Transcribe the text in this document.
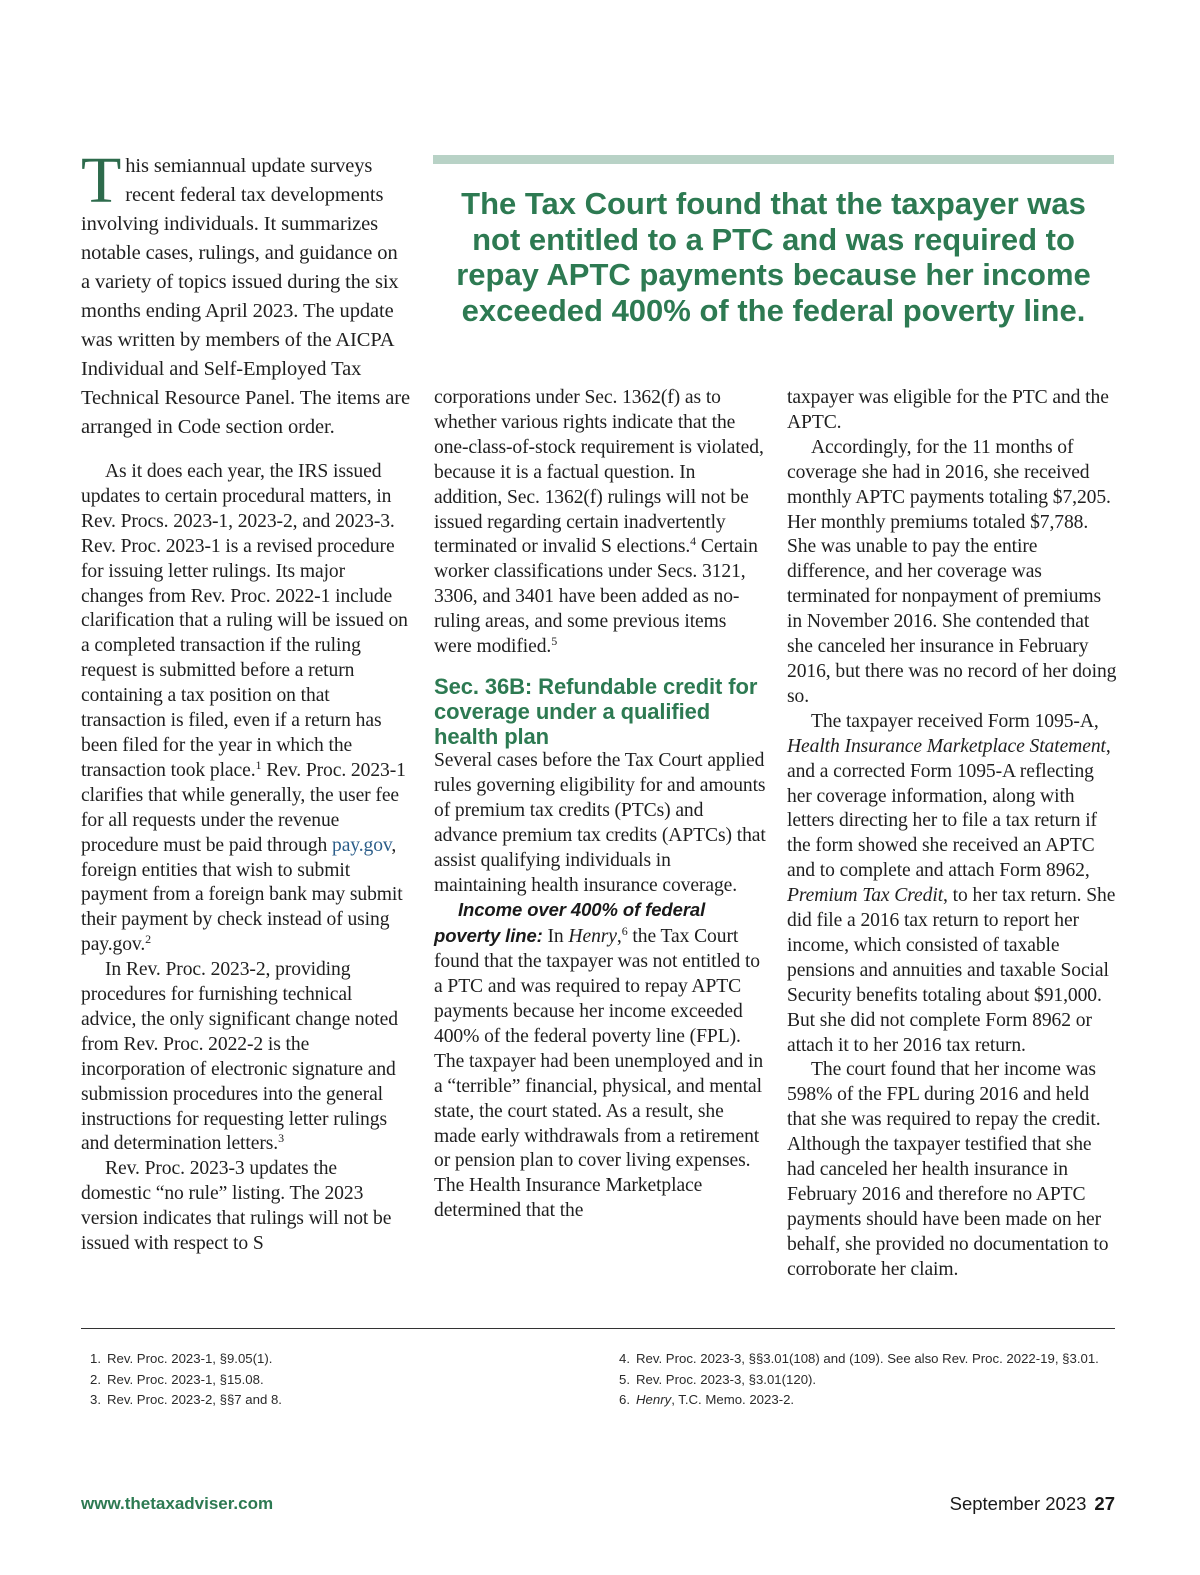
This semiannual update surveys recent federal tax developments involving individuals. It summarizes notable cases, rulings, and guidance on a variety of topics issued during the six months ending April 2023. The update was written by members of the AICPA Individual and Self-Employed Tax Technical Resource Panel. The items are arranged in Code section order.

As it does each year, the IRS issued updates to certain procedural matters, in Rev. Procs. 2023-1, 2023-2, and 2023-3. Rev. Proc. 2023-1 is a revised procedure for issuing letter rulings. Its major changes from Rev. Proc. 2022-1 include clarification that a ruling will be issued on a completed transaction if the ruling request is submitted before a return containing a tax position on that transaction is filed, even if a return has been filed for the year in which the transaction took place.$^1$ Rev. Proc. 2023-1 clarifies that while generally, the user fee for all requests under the revenue procedure must be paid through pay.gov, foreign entities that wish to submit payment from a foreign bank may submit their payment by check instead of using pay.gov.$^2$

In Rev. Proc. 2023-2, providing procedures for furnishing technical advice, the only significant change noted from Rev. Proc. 2022-2 is the incorporation of electronic signature and submission procedures into the general instructions for requesting letter rulings and determination letters.$^3$

Rev. Proc. 2023-3 updates the domestic “no rule” listing. The 2023 version indicates that rulings will not be issued with respect to S

The Tax Court found that the taxpayer was not entitled to a PTC and was required to repay APTC payments because her income exceeded 400% of the federal poverty line.

corporations under Sec. 1362(f) as to whether various rights indicate that the one-class-of-stock requirement is violated, because it is a factual question. In addition, Sec. 1362(f) rulings will not be issued regarding certain inadvertently terminated or invalid S elections.$^4$ Certain worker classifications under Secs. 3121, 3306, and 3401 have been added as no-ruling areas, and some previous items were modified.$^5$

Sec. 36B: Refundable credit for coverage under a qualified health plan

Several cases before the Tax Court applied rules governing eligibility for and amounts of premium tax credits (PTCs) and advance premium tax credits (APTCs) that assist qualifying individuals in maintaining health insurance coverage.

Income over 400% of federal poverty line: In Henry,$^6$ the Tax Court found that the taxpayer was not entitled to a PTC and was required to repay APTC payments because her income exceeded 400% of the federal poverty line (FPL). The taxpayer had been unemployed and in a “terrible” financial, physical, and mental state, the court stated. As a result, she made early withdrawals from a retirement or pension plan to cover living expenses. The Health Insurance Marketplace determined that the

taxpayer was eligible for the PTC and the APTC.

Accordingly, for the 11 months of coverage she had in 2016, she received monthly APTC payments totaling $7,205. Her monthly premiums totaled $7,788. She was unable to pay the entire difference, and her coverage was terminated for nonpayment of premiums in November 2016. She contended that she canceled her insurance in February 2016, but there was no record of her doing so.

The taxpayer received Form 1095-A, Health Insurance Marketplace Statement, and a corrected Form 1095-A reflecting her coverage information, along with letters directing her to file a tax return if the form showed she received an APTC and to complete and attach Form 8962, Premium Tax Credit, to her tax return. She did file a 2016 tax return to report her income, which consisted of taxable pensions and annuities and taxable Social Security benefits totaling about $91,000. But she did not complete Form 8962 or attach it to her 2016 tax return.

The court found that her income was 598% of the FPL during 2016 and held that she was required to repay the credit. Although the taxpayer testified that she had canceled her health insurance in February 2016 and therefore no APTC payments should have been made on her behalf, she provided no documentation to corroborate her claim.

1. Rev. Proc. 2023-1, §9.05(1).
2. Rev. Proc. 2023-1, §15.08.
3. Rev. Proc. 2023-2, §§7 and 8.
4. Rev. Proc. 2023-3, §§3.01(108) and (109). See also Rev. Proc. 2022-19, §3.01.
5. Rev. Proc. 2023-3, §3.01(120).
6. Henry, T.C. Memo. 2023-2.
www.thetaxadviser.com	September 2023 27
